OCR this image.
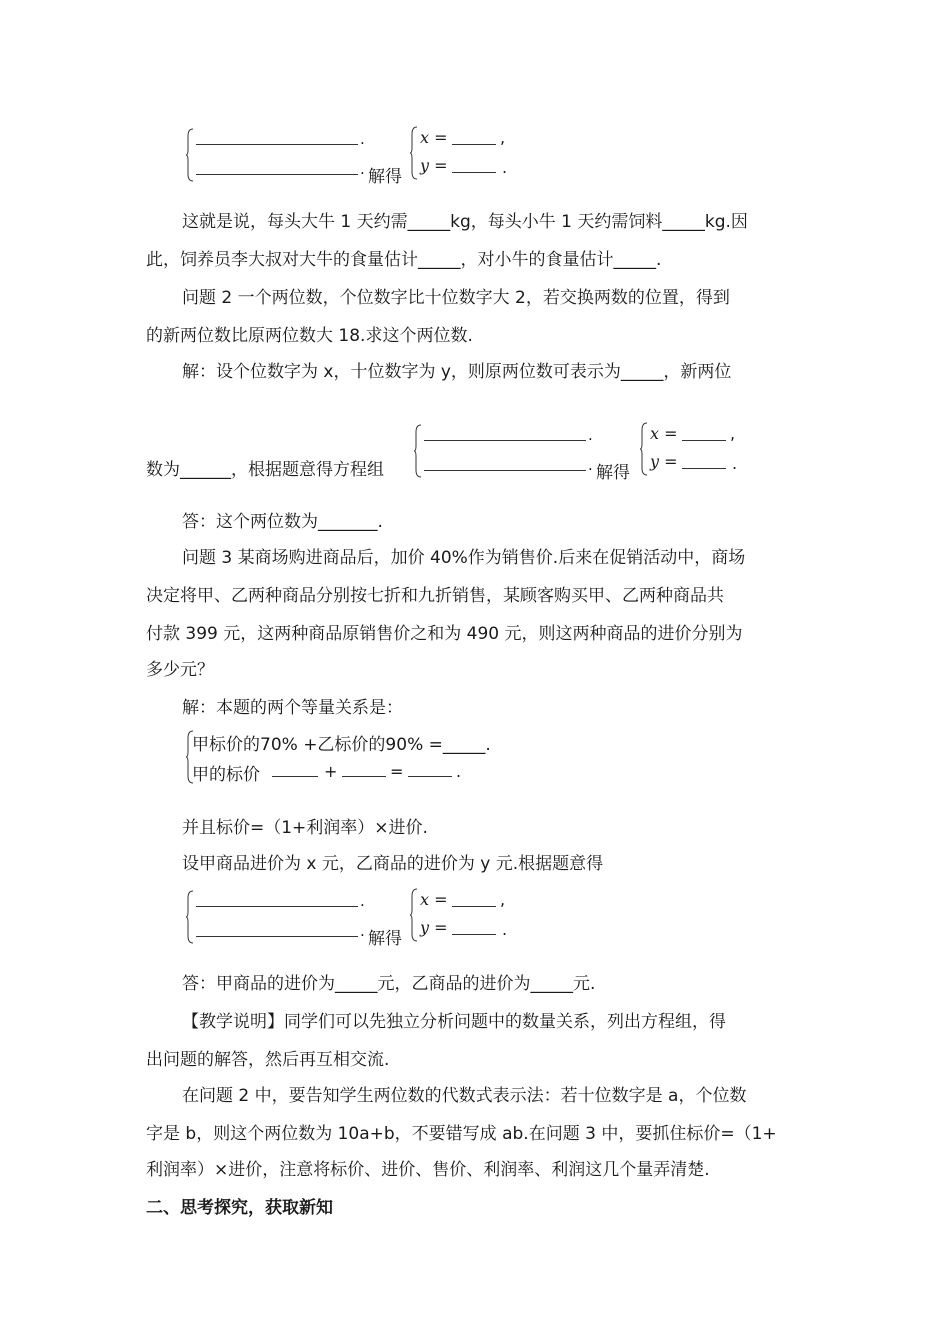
.
. 解得
x =	,
y =	.
这就是说，每头大牛 1 天约需_____kg，每头小牛 1 天约需饲料_____kg.因
此，饲养员李大叔对大牛的食量估计_____，对小牛的食量估计_____.
问题 2 一个两位数，个位数字比十位数字大 2，若交换两数的位置，得到
的新两位数比原两位数大 18.求这个两位数.
解：设个位数字为 x，十位数字为 y，则原两位数可表示为_____，新两位
数为______，根据题意得方程组
.
. 解得
x =	,
y =	.
答：这个两位数为_______.
问题 3 某商场购进商品后，加价 40%作为销售价.后来在促销活动中，商场
决定将甲、乙两种商品分别按七折和九折销售，某顾客购买甲、乙两种商品共
付款 399 元，这两种商品原销售价之和为 490 元，则这两种商品的进价分别为
多少元？
解：本题的两个等量关系是：
甲标价的70% +乙标价的90% =_____.
甲的标价	+	=	.
并且标价=（1+利润率）×进价.
设甲商品进价为 x 元，乙商品的进价为 y 元.根据题意得
.
. 解得
x =	,
y =	.
答：甲商品的进价为_____元，乙商品的进价为_____元.
【教学说明】同学们可以先独立分析问题中的数量关系，列出方程组，得
出问题的解答，然后再互相交流.
在问题 2 中，要告知学生两位数的代数式表示法：若十位数字是 a，个位数
字是 b，则这个两位数为 10a+b，不要错写成 ab.在问题 3 中，要抓住标价=（1+
利润率）×进价，注意将标价、进价、售价、利润率、利润这几个量弄清楚.
二、思考探究，获取新知
